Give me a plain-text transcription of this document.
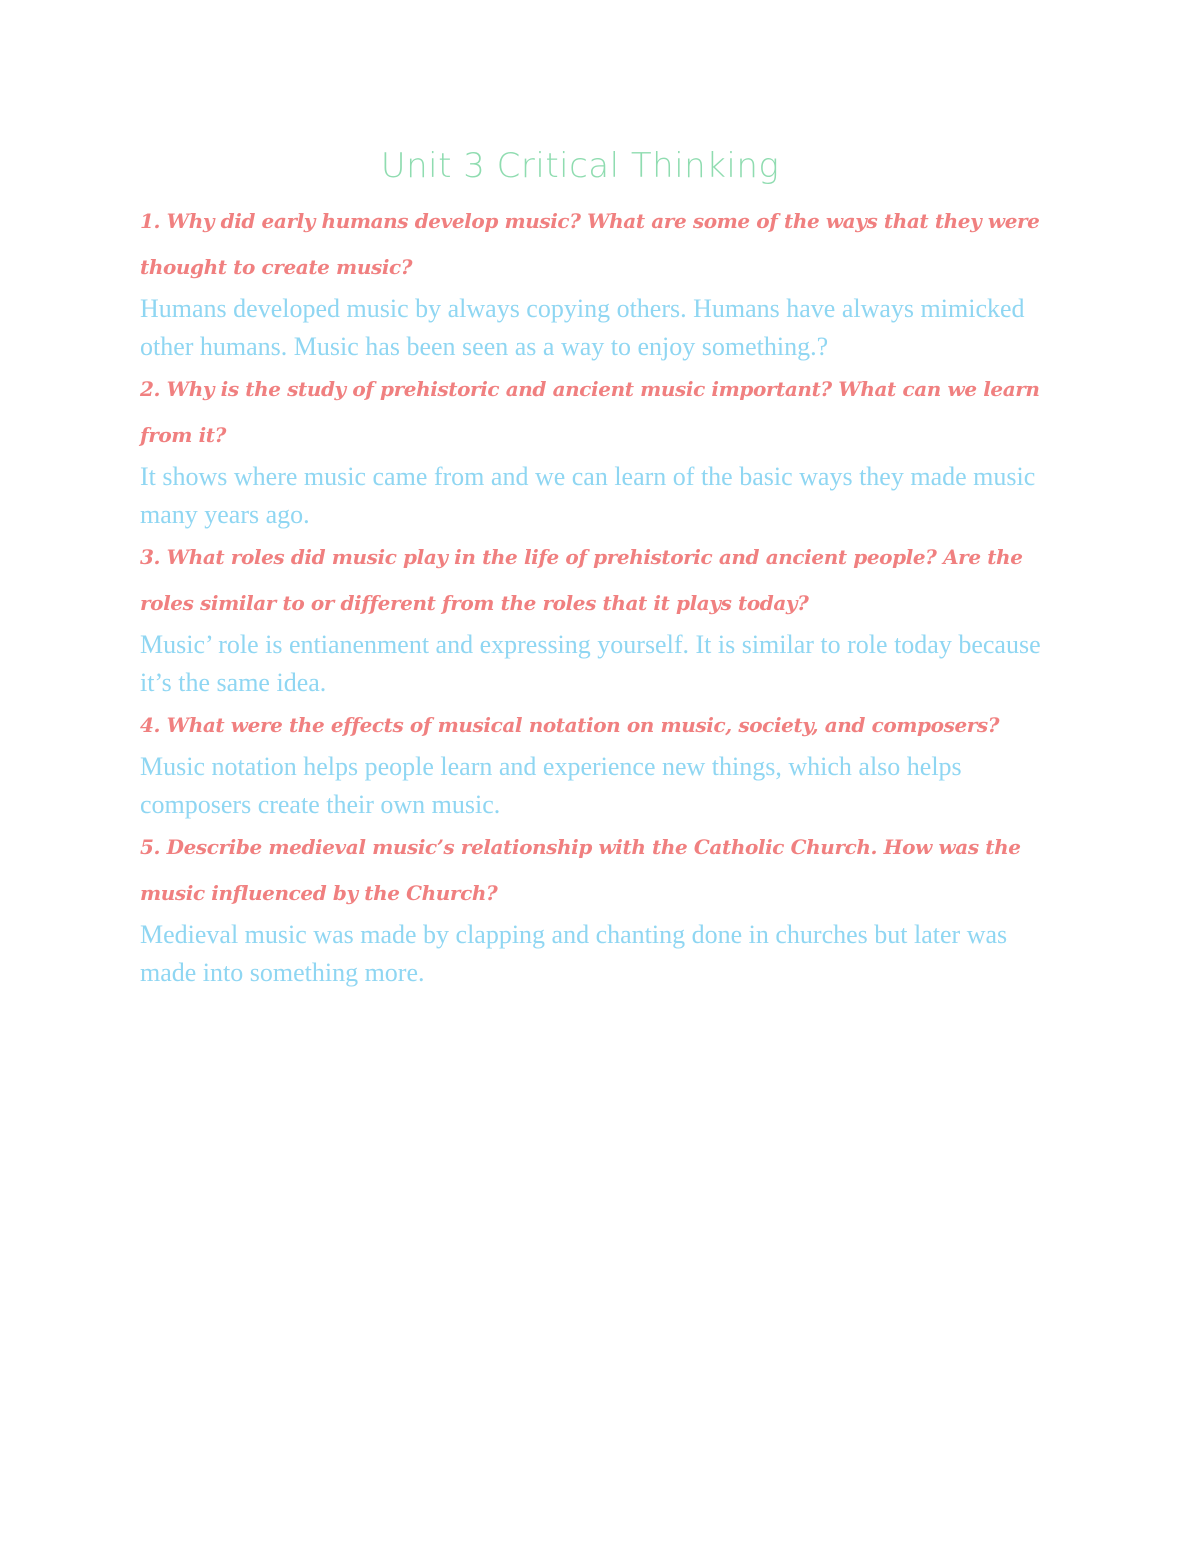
Unit 3 Critical Thinking

1. Why did early humans develop music? What are some of the ways that they were thought to create music?

Humans developed music by always copying others. Humans have always mimicked other humans. Music has been seen as a way to enjoy something.?

2. Why is the study of prehistoric and ancient music important? What can we learn from it?

It shows where music came from and we can learn of the basic ways they made music many years ago.

3. What roles did music play in the life of prehistoric and ancient people? Are the roles similar to or different from the roles that it plays today?

Music’ role is entianenment and expressing yourself. It is similar to role today because it’s the same idea.

4. What were the effects of musical notation on music, society, and composers?

Music notation helps people learn and experience new things, which also helps composers create their own music.

5. Describe medieval music’s relationship with the Catholic Church. How was the music influenced by the Church?

Medieval music was made by clapping and chanting done in churches but later was made into something more.
